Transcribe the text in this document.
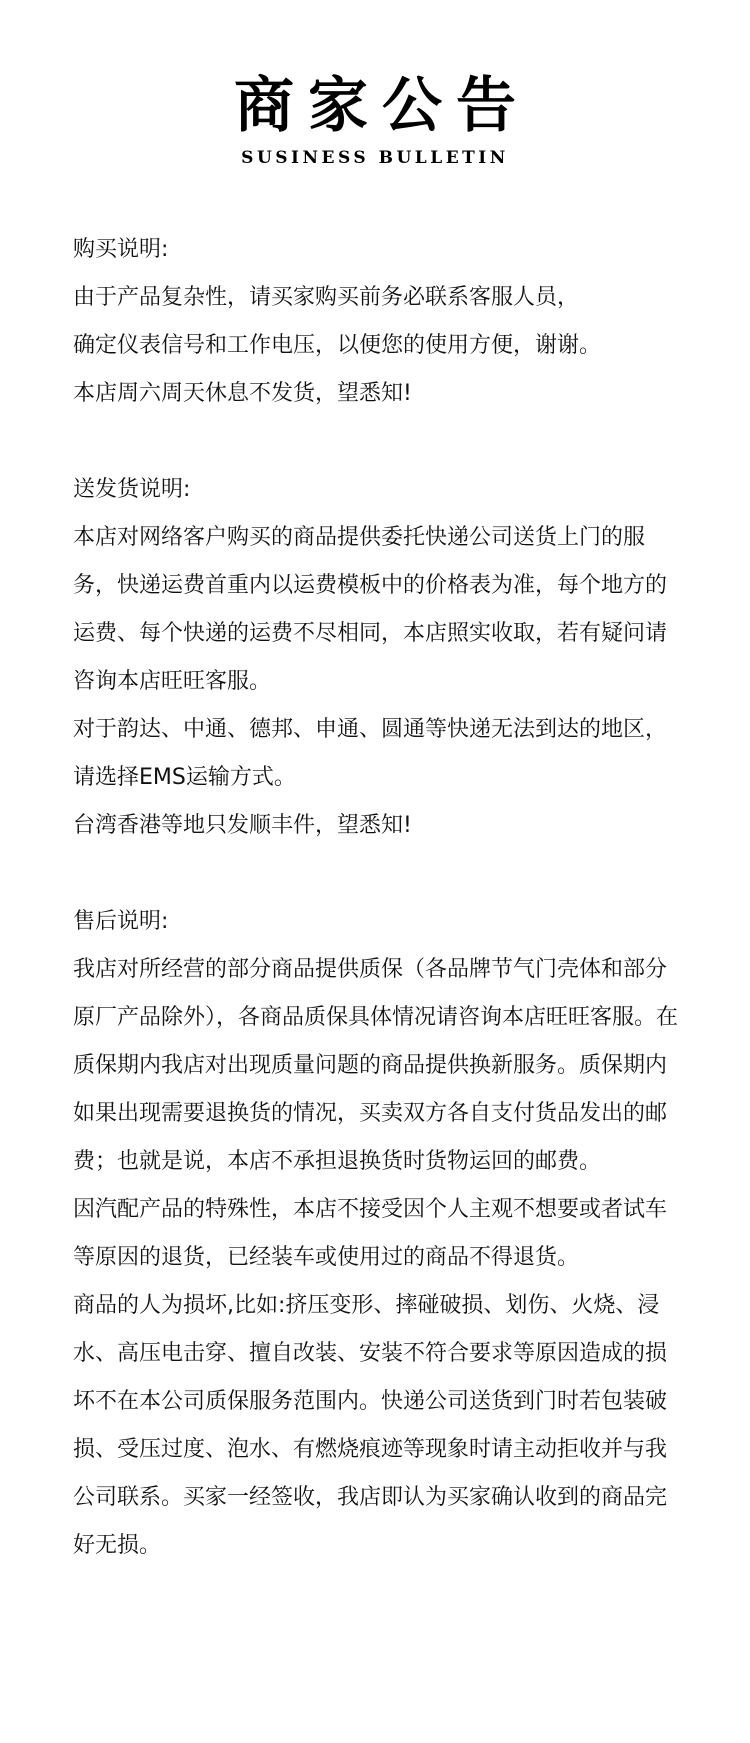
商家公告
SUSINESS BULLETIN

购买说明:

由于产品复杂性，请买家购买前务必联系客服人员，

确定仪表信号和工作电压，以便您的使用方便，谢谢。

本店周六周天休息不发货，望悉知!

送发货说明:

本店对网络客户购买的商品提供委托快递公司送货上门的服务，快递运费首重内以运费模板中的价格表为准，每个地方的运费、每个快递的运费不尽相同，本店照实收取，若有疑问请咨询本店旺旺客服。

对于韵达、中通、德邦、申通、圆通等快递无法到达的地区，请选择EMS运输方式。

台湾香港等地只发顺丰件，望悉知!

售后说明:

我店对所经营的部分商品提供质保（各品牌节气门壳体和部分原厂产品除外），各商品质保具体情况请咨询本店旺旺客服。在质保期内我店对出现质量问题的商品提供换新服务。质保期内如果出现需要退换货的情况，买卖双方各自支付货品发出的邮费；也就是说，本店不承担退换货时货物运回的邮费。

因汽配产品的特殊性，本店不接受因个人主观不想要或者试车等原因的退货，已经装车或使用过的商品不得退货。

商品的人为损坏,比如:挤压变形、摔碰破损、划伤、火烧、浸水、高压电击穿、擅自改装、安装不符合要求等原因造成的损坏不在本公司质保服务范围内。快递公司送货到门时若包装破损、受压过度、泡水、有燃烧痕迹等现象时请主动拒收并与我公司联系。买家一经签收，我店即认为买家确认收到的商品完好无损。
